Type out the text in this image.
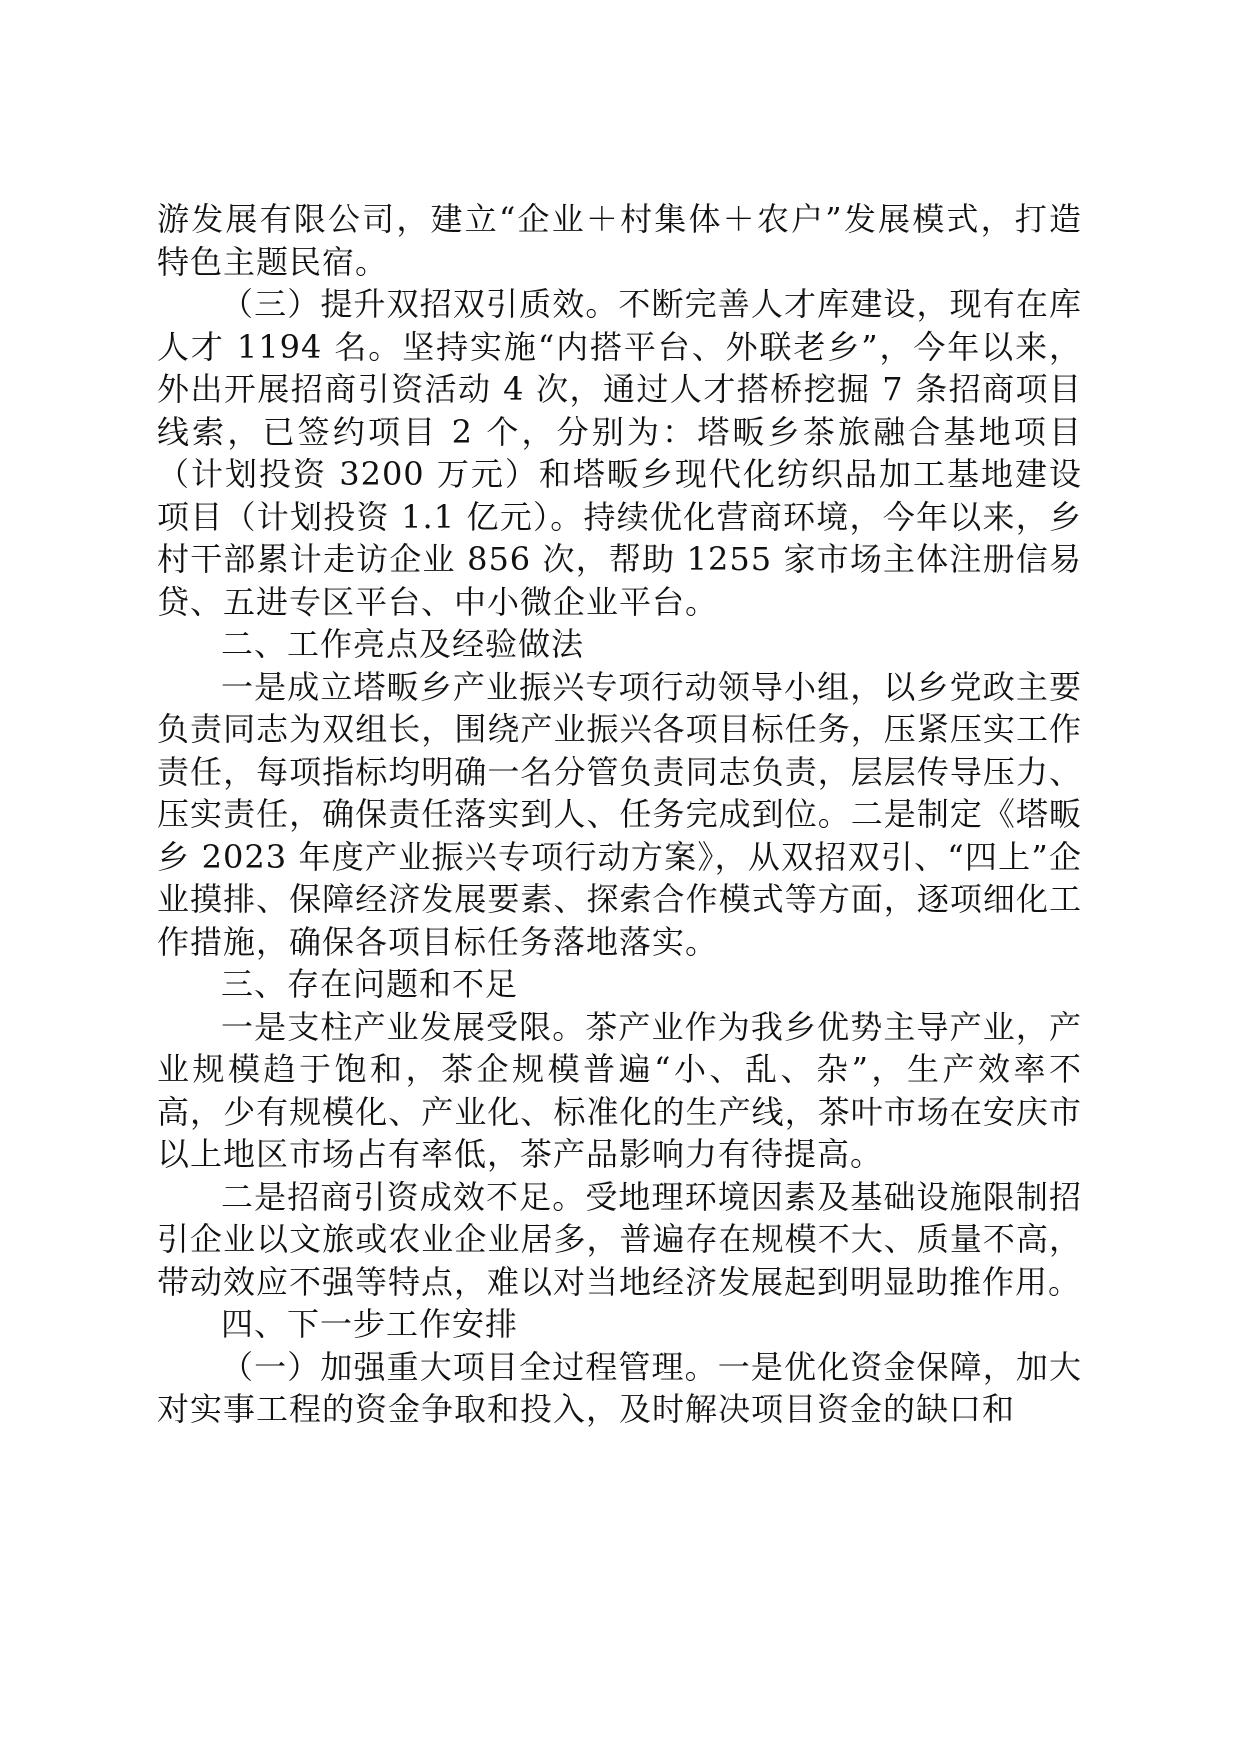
游发展有限公司，建立“企业＋村集体＋农户”发展模式，打造特色主题民宿。

（三）提升双招双引质效。不断完善人才库建设，现有在库人才 1194 名。坚持实施“内搭平台、外联老乡”，今年以来，外出开展招商引资活动 4 次，通过人才搭桥挖掘 7 条招商项目线索，已签约项目 2 个，分别为：塔畈乡茶旅融合基地项目（计划投资 3200 万元）和塔畈乡现代化纺织品加工基地建设项目（计划投资 1.1 亿元）。持续优化营商环境，今年以来，乡村干部累计走访企业 856 次，帮助 1255 家市场主体注册信易贷、五进专区平台、中小微企业平台。

二、工作亮点及经验做法

一是成立塔畈乡产业振兴专项行动领导小组，以乡党政主要负责同志为双组长，围绕产业振兴各项目标任务，压紧压实工作责任，每项指标均明确一名分管负责同志负责，层层传导压力、压实责任，确保责任落实到人、任务完成到位。二是制定《塔畈乡 2023 年度产业振兴专项行动方案》，从双招双引、“四上”企业摸排、保障经济发展要素、探索合作模式等方面，逐项细化工作措施，确保各项目标任务落地落实。

三、存在问题和不足

一是支柱产业发展受限。茶产业作为我乡优势主导产业，产业规模趋于饱和，茶企规模普遍“小、乱、杂”，生产效率不高，少有规模化、产业化、标准化的生产线，茶叶市场在安庆市以上地区市场占有率低，茶产品影响力有待提高。

二是招商引资成效不足。受地理环境因素及基础设施限制招引企业以文旅或农业企业居多，普遍存在规模不大、质量不高，带动效应不强等特点，难以对当地经济发展起到明显助推作用。

四、下一步工作安排

（一）加强重大项目全过程管理。一是优化资金保障，加大对实事工程的资金争取和投入，及时解决项目资金的缺口和
